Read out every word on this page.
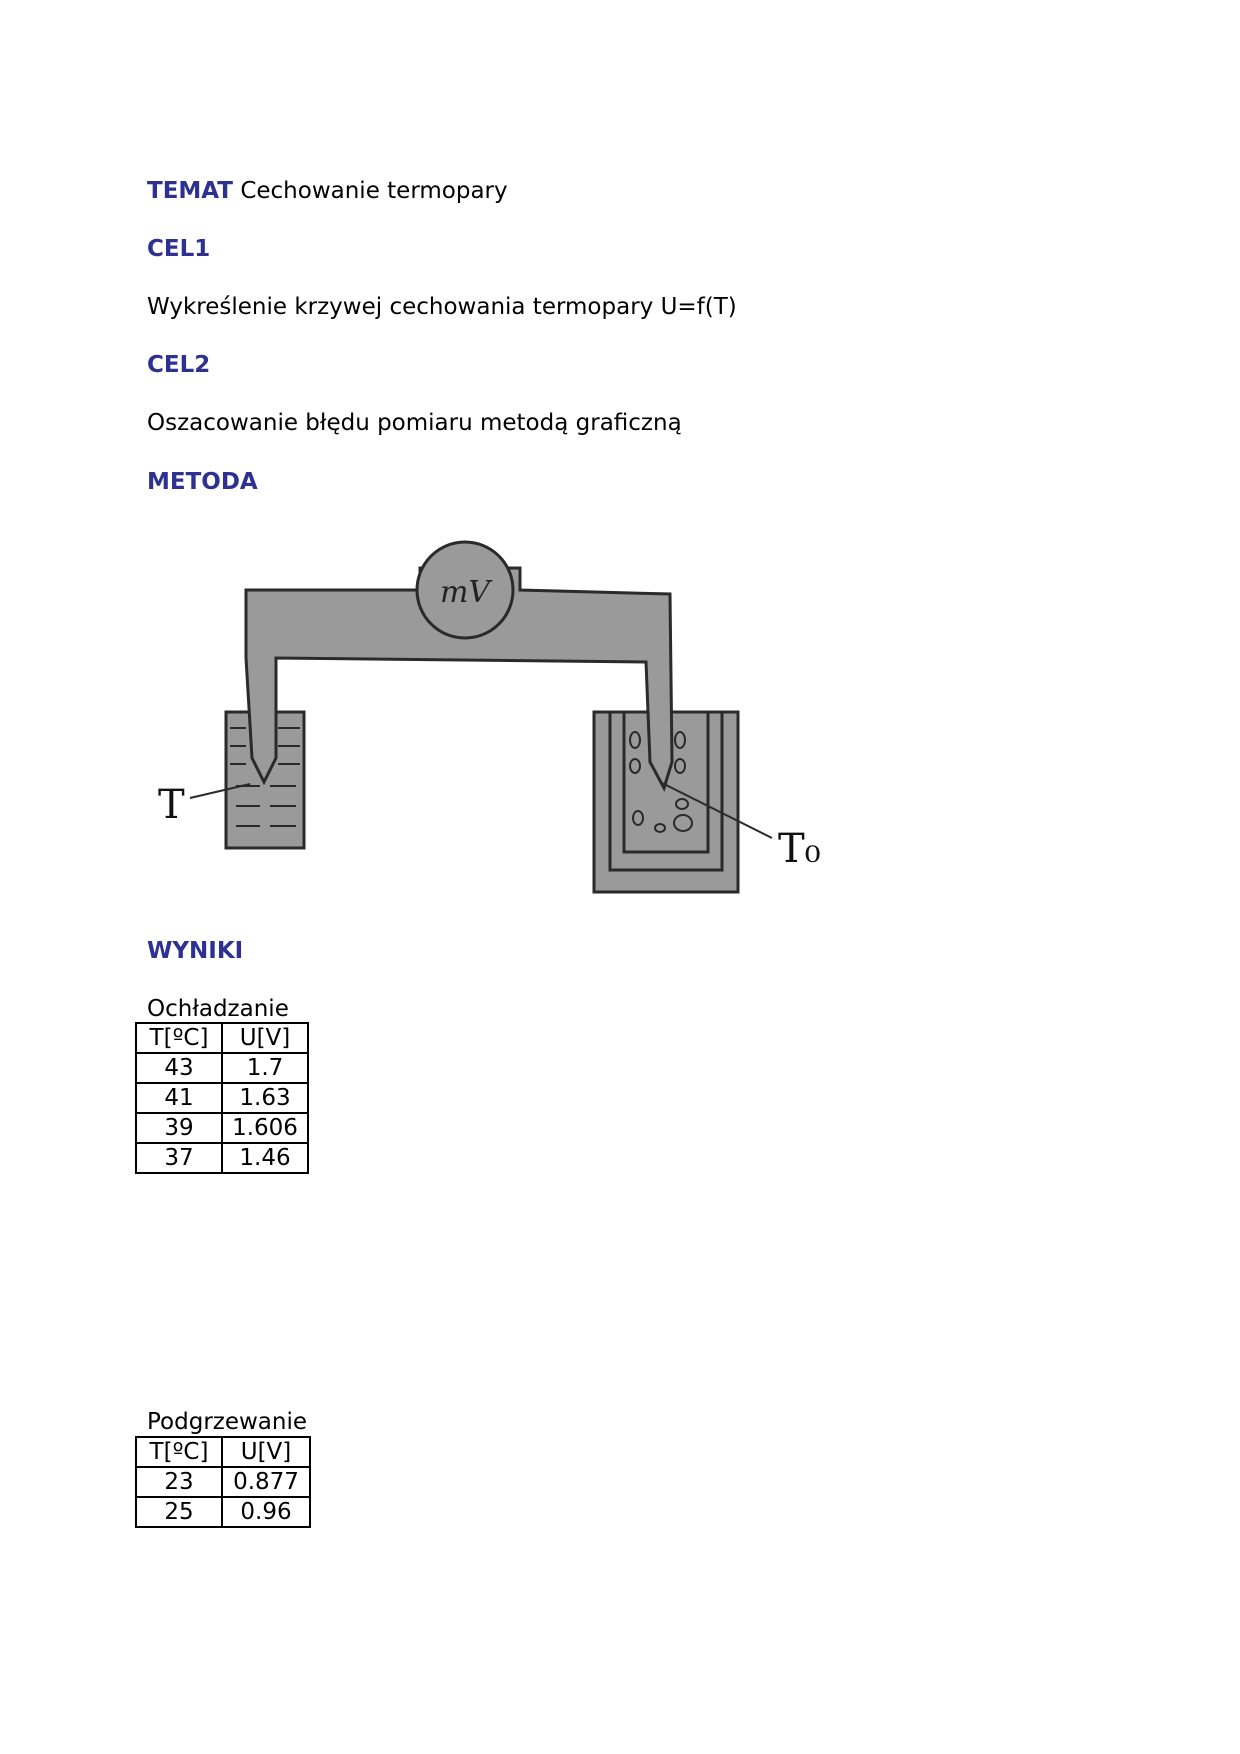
TEMAT Cechowanie termopary
CEL1
Wykreślenie krzywej cechowania termopary U=f(T)
CEL2
Oszacowanie błędu pomiaru metodą graficzną
METODA
mV
T
T₀
WYNIKI
Ochładzanie
T[ºC]	U[V]
43	1.7
41	1.63
39	1.606
37	1.46
Podgrzewanie
T[ºC]	U[V]
23	0.877
25	0.96
